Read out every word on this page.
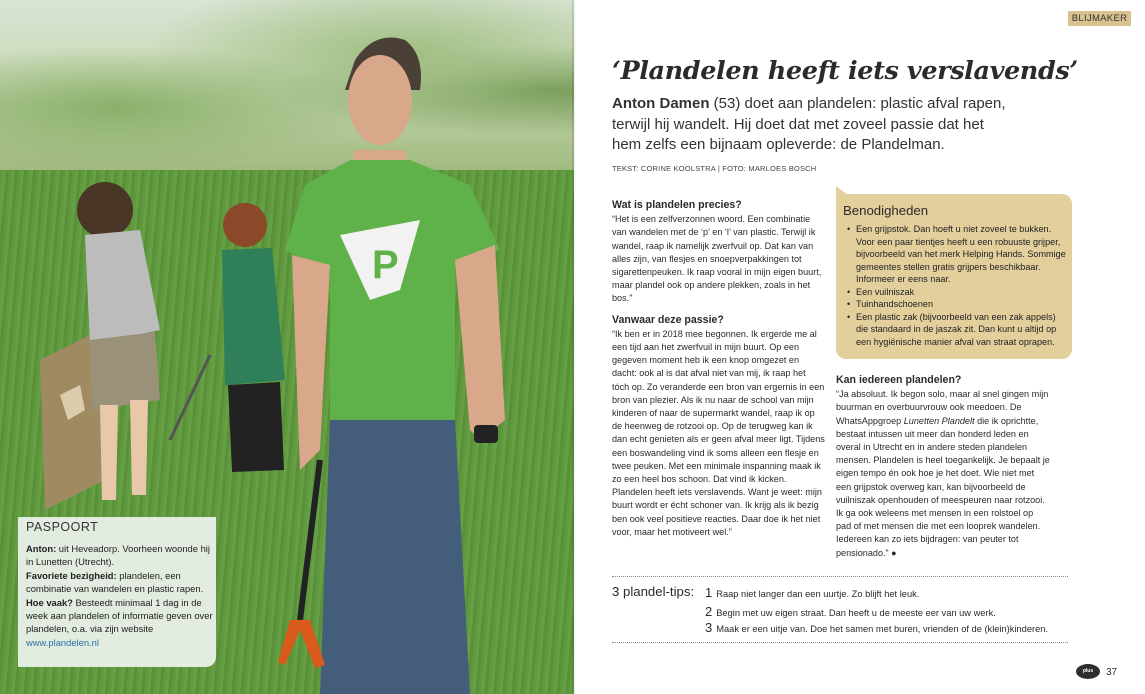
P
PASPOORT
Anton: uit Heveadorp. Voorheen woonde hij in Lunetten (Utrecht).
Favoriete bezigheid: plandelen, een combinatie van wandelen en plastic rapen.
Hoe vaak? Besteedt minimaal 1 dag in de week aan plandelen of informatie geven over plandelen, o.a. via zijn website
www.plandelen.nl
BLIJMAKER
‘Plandelen heeft iets verslavends’
Anton Damen (53) doet aan plandelen: plastic afval rapen,
terwijl hij wandelt. Hij doet dat met zoveel passie dat het
hem zelfs een bijnaam opleverde: de Plandelman.
TEKST: CORINE KOOLSTRA | FOTO: MARLOES BOSCH
Wat is plandelen precies?

“Het is een zelfverzonnen woord. Een combinatie van wandelen met de ‘p’ en ‘l’ van plastic. Terwijl ik wandel, raap ik namelijk zwerfvuil op. Dat kan van alles zijn, van flesjes en snoepverpakkingen tot sigarettenpeuken. Ik raap vooral in mijn eigen buurt, maar plandel ook op andere plekken, zoals in het bos.”

Vanwaar deze passie?

“Ik ben er in 2018 mee begonnen. Ik ergerde me al een tijd aan het zwerfvuil in mijn buurt. Op een gegeven moment heb ik een knop omgezet en dacht: ook al is dat afval niet van mij, ik raap het tóch op. Zo veranderde een bron van ergernis in een bron van plezier. Als ik nu naar de school van mijn kinderen of naar de supermarkt wandel, raap ik op de heenweg de rotzooi op. Op de terugweg kan ik dan echt genieten als er geen afval meer ligt. Tijdens een boswandeling vind ik soms alleen een flesje en twee peuken. Met een minimale inspanning maak ik zo een heel bos schoon. Dat vind ik kicken. Plandelen heeft iets verslavends. Want je weet: mijn buurt wordt er écht schoner van. Ik krijg als ik bezig ben ook veel positieve reacties. Daar doe ik het niet voor, maar het motiveert wel.”

Benodigheden
• Een grijpstok. Dan hoeft u niet zoveel te bukken. Voor een paar tientjes heeft u een robuuste grijper, bijvoorbeeld van het merk Helping Hands. Sommige gemeentes stellen gratis grijpers beschikbaar. Informeer er eens naar.
• Een vuilniszak
• Tuinhandschoenen
• Een plastic zak (bijvoorbeeld van een zak appels) die standaard in de jaszak zit. Dan kunt u altijd op een hygiënische manier afval van straat oprapen.
Kan iedereen plandelen?

“Ja absoluut. Ik begon solo, maar al snel gingen mijn buurman en overbuurvrouw ook meedoen. De WhatsAppgroep Lunetten Plandelt die ik oprichtte, bestaat intussen uit meer dan honderd leden en overal in Utrecht en in andere steden plandelen mensen. Plandelen is heel toegankelijk. Je bepaalt je eigen tempo én ook hoe je het doet. Wie niet met een grijpstok overweg kan, kan bijvoorbeeld de vuilniszak openhouden of meespeuren naar rotzooi. Ik ga ook weleens met mensen in een rolstoel op pad of met mensen die met een looprek wandelen. Iedereen kan zo iets bijdragen: van peuter tot pensionado.” ●

3 plandel-tips: 1 Raap niet langer dan een uurtje. Zo blijft het leuk.
2 Begin met uw eigen straat. Dan heeft u de meeste eer van uw werk.
3 Maak er een uitje van. Doe het samen met buren, vrienden of de (klein)kinderen.
plus	37
